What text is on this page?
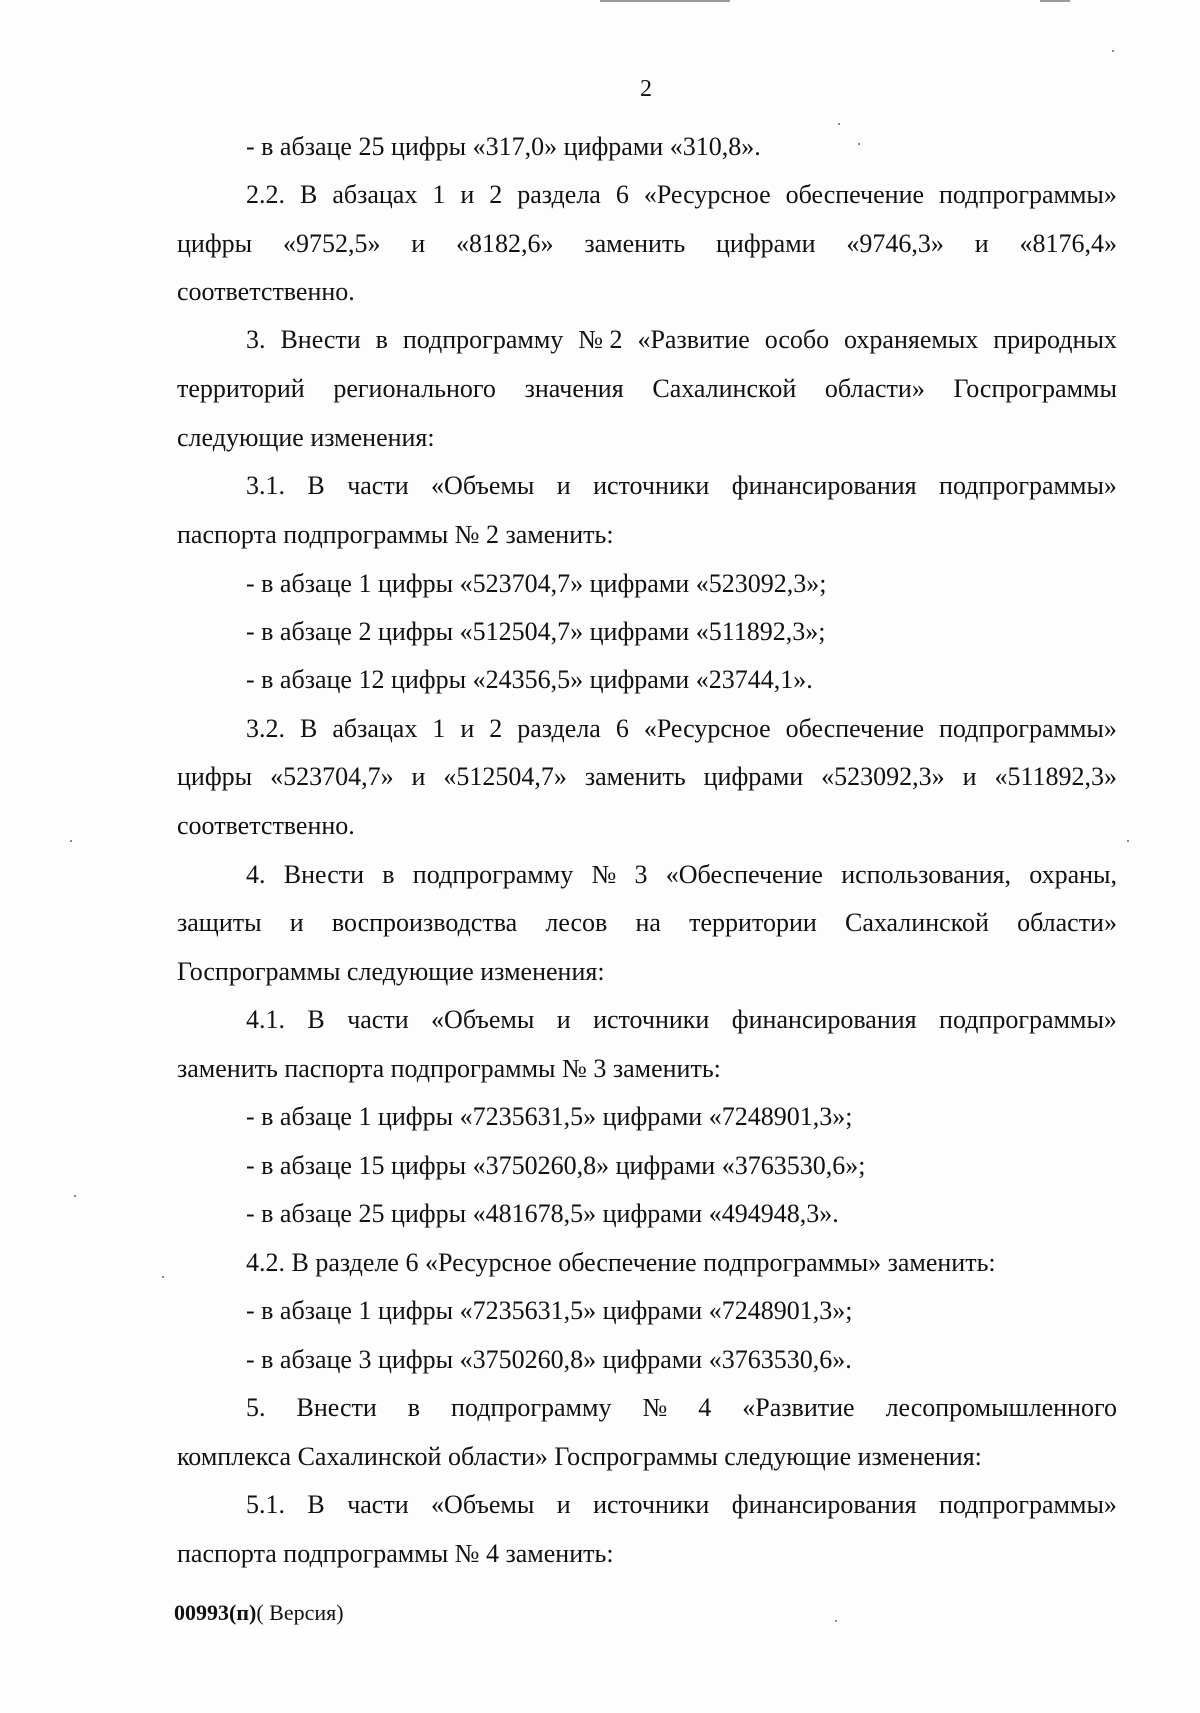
2

- в абзаце 25 цифры «317,0» цифрами «310,8».

2.2. В абзацах 1 и 2 раздела 6 «Ресурсное обеспечение подпрограммы»

цифры «9752,5» и «8182,6» заменить цифрами «9746,3» и «8176,4»

соответственно.

3. Внести в подпрограмму № 2 «Развитие особо охраняемых природных

территорий регионального значения Сахалинской области» Госпрограммы

следующие изменения:

3.1. В части «Объемы и источники финансирования подпрограммы»

паспорта подпрограммы № 2 заменить:

- в абзаце 1 цифры «523704,7» цифрами «523092,3»;

- в абзаце 2 цифры «512504,7» цифрами «511892,3»;

- в абзаце 12 цифры «24356,5» цифрами «23744,1».

3.2. В абзацах 1 и 2 раздела 6 «Ресурсное обеспечение подпрограммы»

цифры «523704,7» и «512504,7» заменить цифрами «523092,3» и «511892,3»

соответственно.

4. Внести в подпрограмму № 3 «Обеспечение использования, охраны,

защиты и воспроизводства лесов на территории Сахалинской области»

Госпрограммы следующие изменения:

4.1. В части «Объемы и источники финансирования подпрограммы»

заменить паспорта подпрограммы № 3 заменить:

- в абзаце 1 цифры «7235631,5» цифрами «7248901,3»;

- в абзаце 15 цифры «3750260,8» цифрами «3763530,6»;

- в абзаце 25 цифры «481678,5» цифрами «494948,3».

4.2. В разделе 6 «Ресурсное обеспечение подпрограммы» заменить:

- в абзаце 1 цифры «7235631,5» цифрами «7248901,3»;

- в абзаце 3 цифры «3750260,8» цифрами «3763530,6».

5. Внести в подпрограмму № 4 «Развитие лесопромышленного

комплекса Сахалинской области» Госпрограммы следующие изменения:

5.1. В части «Объемы и источники финансирования подпрограммы»

паспорта подпрограммы № 4 заменить:

00993(п)( Версия)
